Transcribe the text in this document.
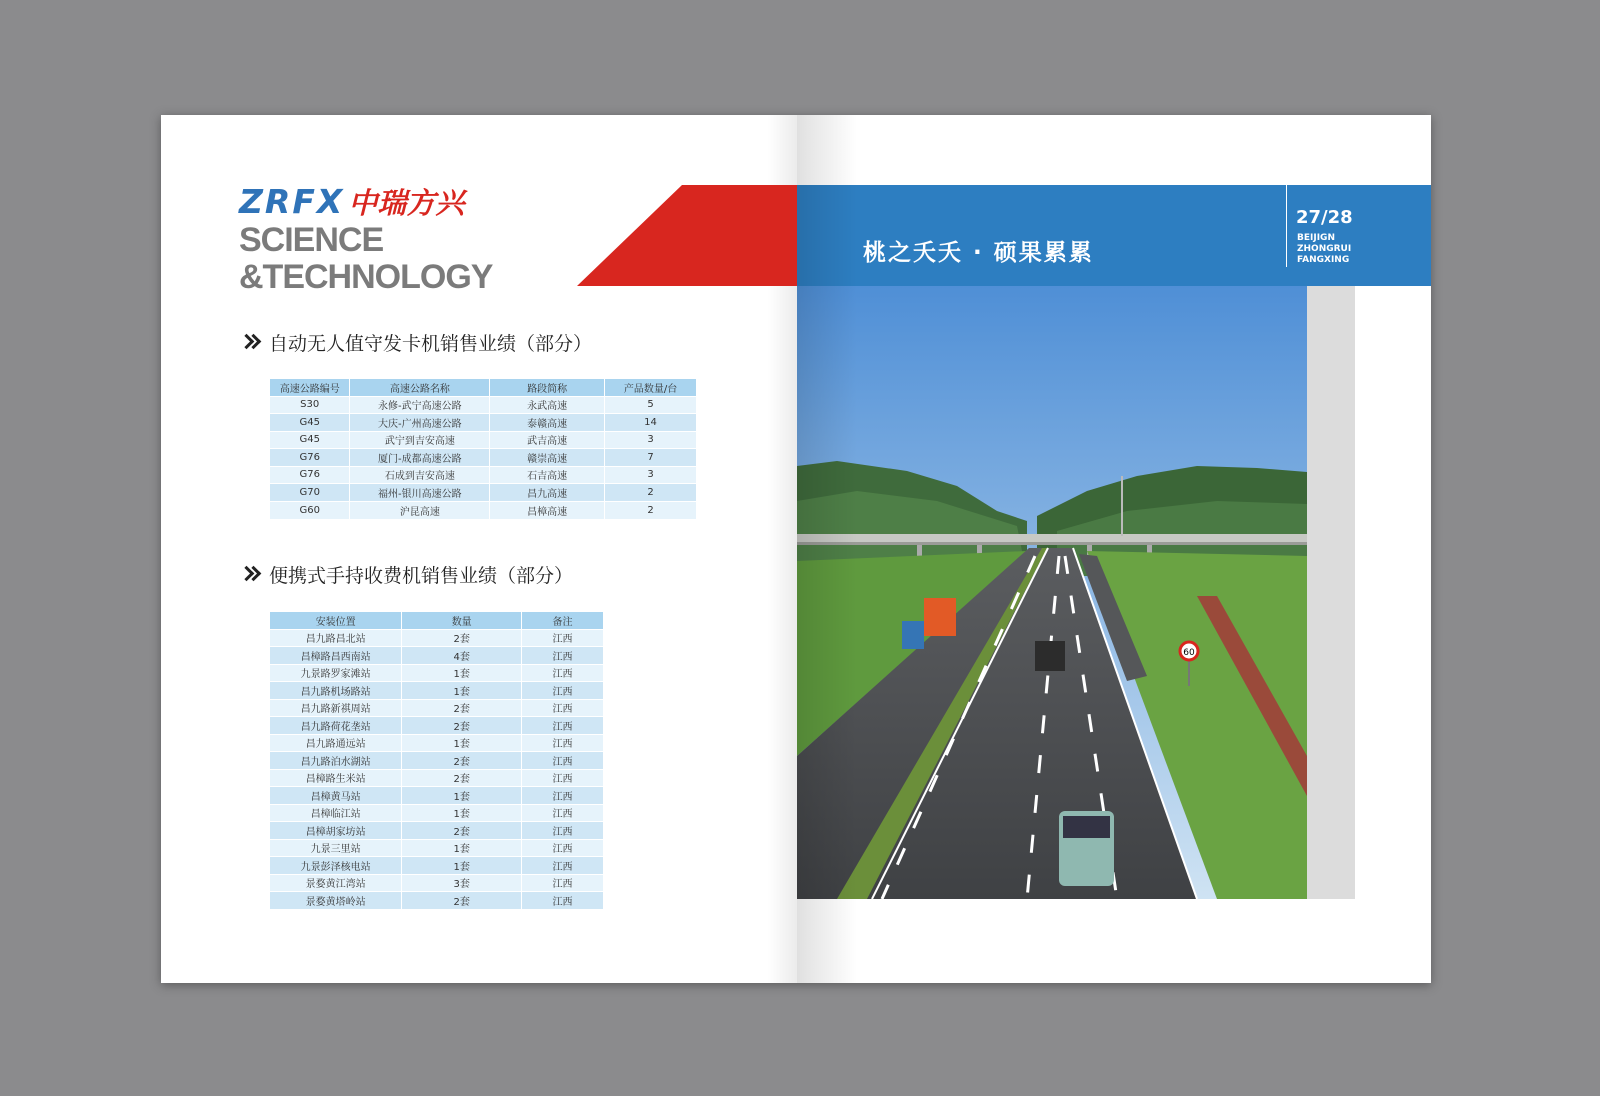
ZRFX 中瑞方兴
SCIENCE
&TECHNOLOGY
自动无人值守发卡机销售业绩（部分）
高速公路编号	高速公路名称	路段简称	产品数量/台
S30	永修-武宁高速公路	永武高速	5
G45	大庆-广州高速公路	泰赣高速	14
G45	武宁到吉安高速	武吉高速	3
G76	厦门-成都高速公路	赣崇高速	7
G76	石成到吉安高速	石吉高速	3
G70	福州-银川高速公路	昌九高速	2
G60	沪昆高速	昌樟高速	2
便携式手持收费机销售业绩（部分）
安装位置	数量	备注
昌九路昌北站	2套	江西
昌樟路昌西南站	4套	江西
九景路罗家滩站	1套	江西
昌九路机场路站	1套	江西
昌九路新祺周站	2套	江西
昌九路荷花垄站	2套	江西
昌九路通远站	1套	江西
昌九路泊水湖站	2套	江西
昌樟路生米站	2套	江西
昌樟黄马站	1套	江西
昌樟临江站	1套	江西
昌樟胡家坊站	2套	江西
九景三里站	1套	江西
九景彭泽核电站	1套	江西
景婺黄江湾站	3套	江西
景婺黄塔岭站	2套	江西
桃之夭夭 · 硕果累累
27/28
BEIJIGN
ZHONGRUI
FANGXING
60
